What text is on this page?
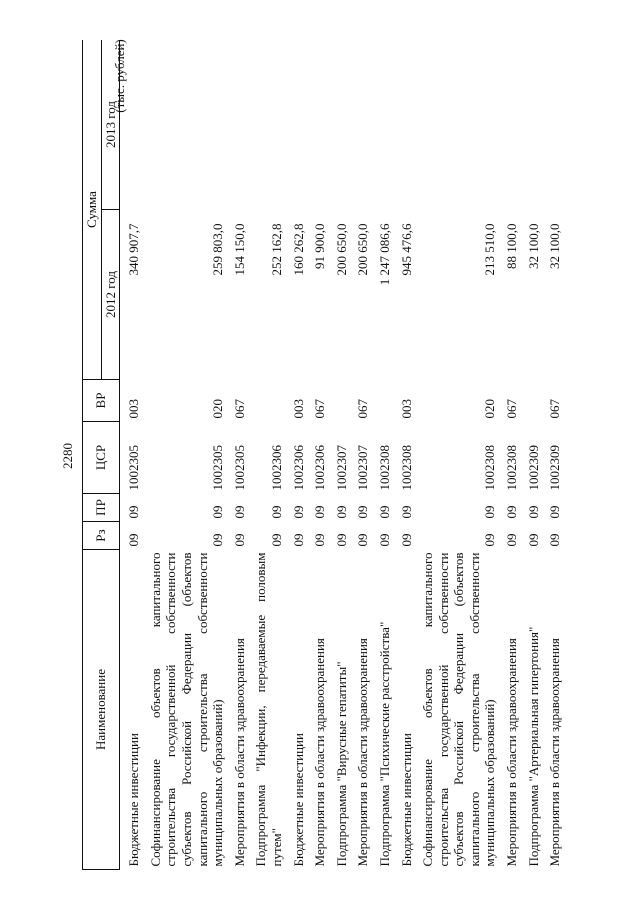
2280
(тыс. рублей)
Наименование	Рз	ПР	ЦСР	ВР	Сумма	
					2012 год	2013 год
Бюджетные инвестиции	09	09	1002305	003	340 907,7	
Софинансирование объектов капитального строительства государственной собственности субъектов Российской Федерации (объектов капитального строительства собственности муниципальных образований)	09	09	1002305	020	259 803,0	
Мероприятия в области здравоохранения	09	09	1002305	067	154 150,0	
Подпрограмма "Инфекции, передаваемые половым путем"	09	09	1002306		252 162,8	
Бюджетные инвестиции	09	09	1002306	003	160 262,8	
Мероприятия в области здравоохранения	09	09	1002306	067	91 900,0	
Подпрограмма "Вирусные гепатиты"	09	09	1002307		200 650,0	
Мероприятия в области здравоохранения	09	09	1002307	067	200 650,0	
Подпрограмма "Психические расстройства"	09	09	1002308		1 247 086,6	
Бюджетные инвестиции	09	09	1002308	003	945 476,6	
Софинансирование объектов капитального строительства государственной собственности субъектов Российской Федерации (объектов капитального строительства собственности муниципальных образований)	09	09	1002308	020	213 510,0	
Мероприятия в области здравоохранения	09	09	1002308	067	88 100,0	
Подпрограмма "Артериальная гипертония"	09	09	1002309		32 100,0	
Мероприятия в области здравоохранения	09	09	1002309	067	32 100,0	
